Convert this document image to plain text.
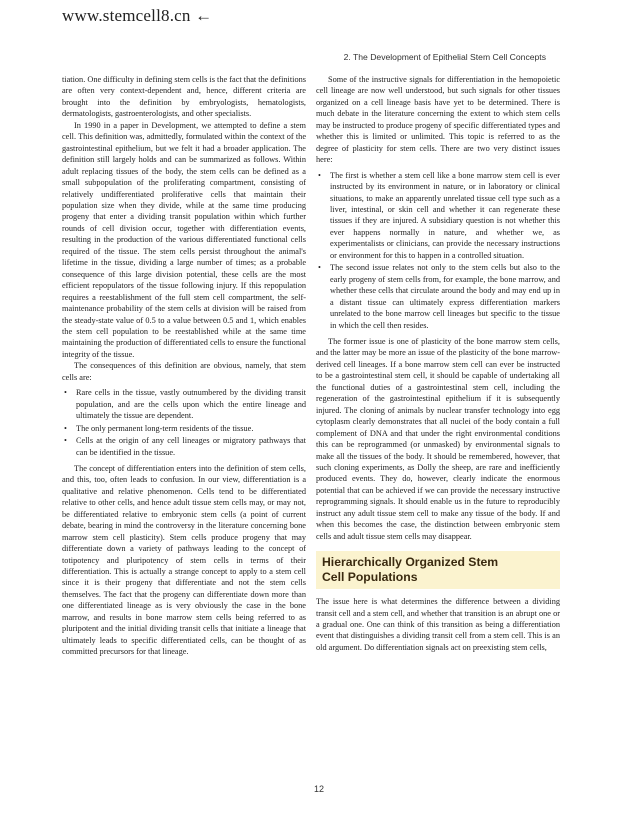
www.stemcell8.cn ←
2. The Development of Epithelial Stem Cell Concepts

tiation. One difficulty in defining stem cells is the fact that the definitions are often very context-dependent and, hence, different criteria are brought into the definition by embryologists, hematologists, dermatologists, gastroenterologists, and other specialists.

In 1990 in a paper in Development, we attempted to define a stem cell. This definition was, admittedly, formulated within the context of the gastrointestinal epithelium, but we felt it had a broader application. The definition still largely holds and can be summarized as follows. Within adult replacing tissues of the body, the stem cells can be defined as a small subpopulation of the proliferating compartment, consisting of relatively undifferentiated proliferative cells that maintain their population size when they divide, while at the same time producing progeny that enter a dividing transit population within which further rounds of cell division occur, together with differentiation events, resulting in the production of the various differentiated functional cells required of the tissue. The stem cells persist throughout the animal's lifetime in the tissue, dividing a large number of times; as a probable consequence of this large division potential, these cells are the most efficient repopulators of the tissue following injury. If this repopulation requires a reestablishment of the full stem cell compartment, the self-maintenance probability of the stem cells at division will be raised from the steady-state value of 0.5 to a value between 0.5 and 1, which enables the stem cell population to be reestablished while at the same time maintaining the production of differentiated cells to ensure the functional integrity of the tissue.

The consequences of this definition are obvious, namely, that stem cells are:

• Rare cells in the tissue, vastly outnumbered by the dividing transit population, and are the cells upon which the entire lineage and ultimately the tissue are dependent.
• The only permanent long-term residents of the tissue.
• Cells at the origin of any cell lineages or migratory pathways that can be identified in the tissue.

The concept of differentiation enters into the definition of stem cells, and this, too, often leads to confusion. In our view, differentiation is a qualitative and relative phenomenon. Cells tend to be differentiated relative to other cells, and hence adult tissue stem cells may, or may not, be differentiated relative to embryonic stem cells (a point of current debate, bearing in mind the controversy in the literature concerning bone marrow stem cell plasticity). Stem cells produce progeny that may differentiate down a variety of pathways leading to the concept of totipotency and pluripotency of stem cells in terms of their differentiation. This is actually a strange concept to apply to a stem cell since it is their progeny that differentiate and not the stem cells themselves. The fact that the progeny can differentiate down more than one differentiated lineage as is very obviously the case in the bone marrow, and results in bone marrow stem cells being referred to as pluripotent and the initial dividing transit cells that initiate a lineage that ultimately leads to specific differentiated cells, can be thought of as committed precursors for that lineage.

Some of the instructive signals for differentiation in the hemopoietic cell lineage are now well understood, but such signals for other tissues organized on a cell lineage basis have yet to be determined. There is much debate in the literature concerning the extent to which stem cells may be instructed to produce progeny of specific differentiated types and whether this is limited or unlimited. This topic is referred to as the degree of plasticity for stem cells. There are two very distinct issues here:

• The first is whether a stem cell like a bone marrow stem cell is ever instructed by its environment in nature, or in laboratory or clinical situations, to make an apparently unrelated tissue cell type such as a liver, intestinal, or skin cell and whether it can regenerate these tissues if they are injured. A subsidiary question is not whether this ever happens normally in nature, and whether we, as experimentalists or clinicians, can provide the necessary instructions or environment for this to happen in a controlled situation.
• The second issue relates not only to the stem cells but also to the early progeny of stem cells from, for example, the bone marrow, and whether these cells that circulate around the body and may end up in a distant tissue can ultimately express differentiation markers unrelated to the bone marrow cell lineages but specific to the tissue in which the cell then resides.

The former issue is one of plasticity of the bone marrow stem cells, and the latter may be more an issue of the plasticity of the bone marrow-derived cell lineages. If a bone marrow stem cell can ever be instructed to be a gastrointestinal stem cell, it should be capable of undertaking all the functional duties of a gastrointestinal stem cell, including the regeneration of the gastrointestinal epithelium if it is subsequently injured. The cloning of animals by nuclear transfer technology into egg cytoplasm clearly demonstrates that all nuclei of the body contain a full complement of DNA and that under the right environmental conditions this can be reprogrammed (or unmasked) by environmental signals to make all the tissues of the body. It should be remembered, however, that such cloning experiments, as Dolly the sheep, are rare and inefficiently produced events. They do, however, clearly indicate the enormous potential that can be achieved if we can provide the necessary instructive reprogramming signals. It should enable us in the future to reproducibly instruct any adult tissue stem cell to make any tissue of the body. If and when this becomes the case, the distinction between embryonic stem cells and adult tissue stem cells may disappear.

Hierarchically Organized Stem
Cell Populations

The issue here is what determines the difference between a dividing transit cell and a stem cell, and whether that transition is an abrupt one or a gradual one. One can think of this transition as being a differentiation event that distinguishes a dividing transit cell from a stem cell. This is an old argument. Do differentiation signals act on preexisting stem cells,

12
